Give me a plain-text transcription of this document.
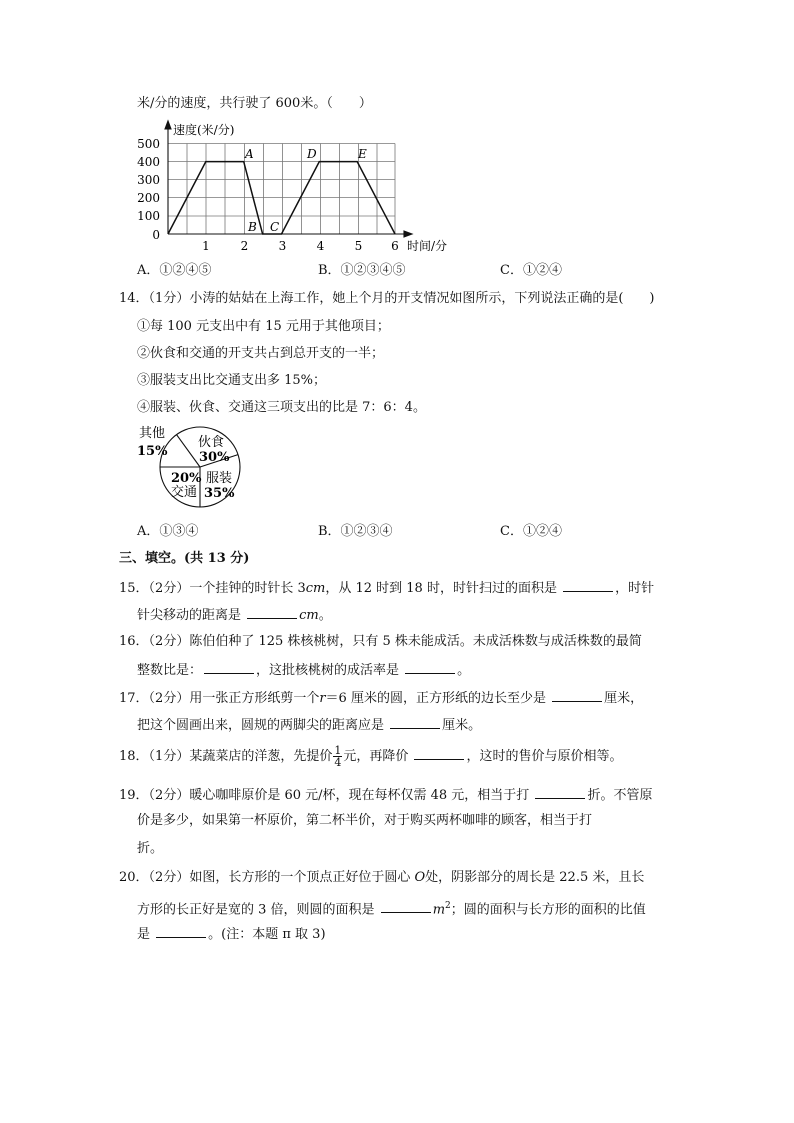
米/分的速度，共行驶了 600米。（　　）
速度(米/分)
时间/分
500
400
300
200
100
0
1	2	3	4	5 6
A
B C
D	E
A．①②④⑤	B．①②③④⑤	C．①②④
14．（1分）小涛的姑姑在上海工作，她上个月的开支情况如图所示，下列说法正确的是(　　)
①每 100 元支出中有 15 元用于其他项目；
②伙食和交通的开支共占到总开支的一半；
③服装支出比交通支出多 15%；
④服装、伙食、交通这三项支出的比是 7：6：4。
其他
15%
伙食
30%
服装
35%
20%
交通
A．①③④	B．①②③④	C．①②④
三、填空。(共 13 分)
15．（2分）一个挂钟的时针长 3cm，从 12 时到 18 时，时针扫过的面积是	，时针
针尖移动的距离是	cm。
16．（2分）陈伯伯种了 125 株核桃树，只有 5 株未能成活。未成活株数与成活株数的最简
整数比是：	，这批核桃树的成活率是	。
17．（2分）用一张正方形纸剪一个r＝6 厘米的圆，正方形纸的边长至少是	厘米，
把这个圆画出来，圆规的两脚尖的距离应是	厘米。
18．（1分）某蔬菜店的洋葱，先提价 $\frac{1}{4}$ 元，再降价	，这时的售价与原价相等。
19．（2分）暖心咖啡原价是 60 元/杯，现在每杯仅需 48 元，相当于打	折。不管原
价是多少，如果第一杯原价，第二杯半价，对于购买两杯咖啡的顾客，相当于打
折。
20．（2分）如图，长方形的一个顶点正好位于圆心 O处，阴影部分的周长是 22.5 米，且长
方形的长正好是宽的 3 倍，则圆的面积是	$m^2$；圆的面积与长方形的面积的比值
是	。(注：本题 π 取 3)
